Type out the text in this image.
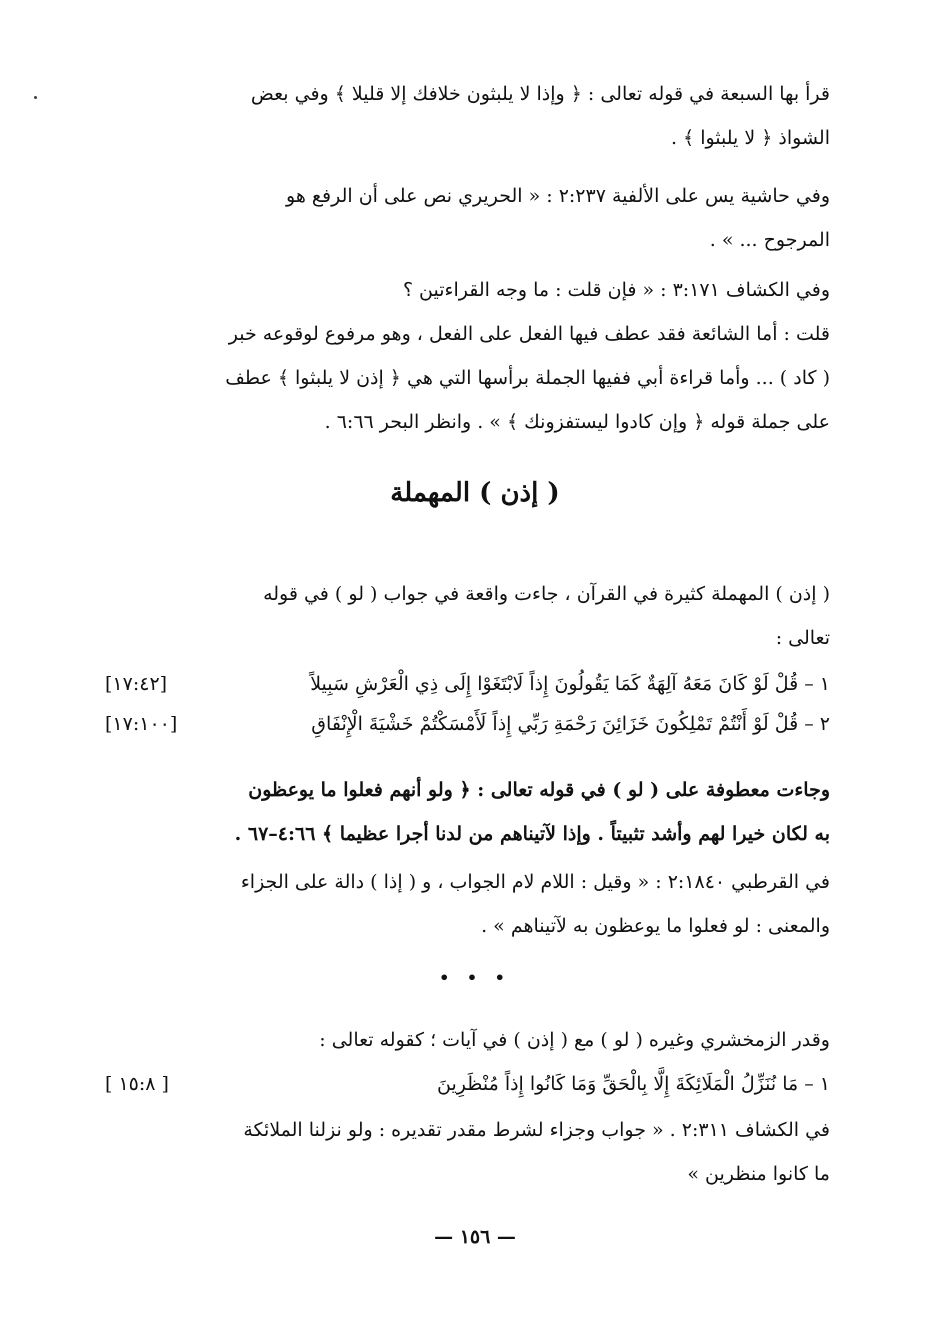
قرأ بها السبعة في قوله تعالى : ﴿ وإذا لا يلبثون خلافك إلا قليلا ﴾ وفي بعض
الشواذ ﴿ لا يلبثوا ﴾ .
وفي حاشية يس على الألفية ٢:٢٣٧ : « الحريري نص على أن الرفع هو
المرجوح ... » .
وفي الكشاف ٣:١٧١ : « فإن قلت : ما وجه القراءتين ؟
قلت : أما الشائعة فقد عطف فيها الفعل على الفعل ، وهو مرفوع لوقوعه خبر
( كاد ) ... وأما قراءة أبي ففيها الجملة برأسها التي هي ﴿ إذن لا يلبثوا ﴾ عطف
على جملة قوله ﴿ وإن كادوا ليستفزونك ﴾ » . وانظر البحر ٦:٦٦ .
( إذن ) المهملة
( إذن ) المهملة كثيرة في القرآن ، جاءت واقعة في جواب ( لو ) في قوله
تعالى :
١ – قُلْ لَوْ كَانَ مَعَهُ آلِهَةٌ كَمَا يَقُولُونَ إِذاً لَابْتَغَوْا إِلَى ذِي الْعَرْشِ سَبِيلاً
[١٧:٤٢]
٢ – قُلْ لَوْ أَنْتُمْ تَمْلِكُونَ خَزَائِنَ رَحْمَةِ رَبِّي إِذاً لَأَمْسَكْتُمْ خَشْيَةَ الْإِنْفَاقِ
[١٧:١٠٠]
وجاءت معطوفة على ( لو ) في قوله تعالى : ﴿ ولو أنهم فعلوا ما يوعظون
به لكان خيرا لهم وأشد تثبيتاً . وإذا لآتيناهم من لدنا أجرا عظيما ﴾ ٤:٦٦–٦٧ .
في القرطبي ٢:١٨٤٠ : « وقيل : اللام لام الجواب ، و ( إذا ) دالة على الجزاء
والمعنى : لو فعلوا ما يوعظون به لآتيناهم » .
• • •
وقدر الزمخشري وغيره ( لو ) مع ( إذن ) في آيات ؛ كقوله تعالى :
١ – مَا نُنَزِّلُ الْمَلَائِكَةَ إِلَّا بِالْحَقِّ وَمَا كَانُوا إِذاً مُنْظَرِينَ
[ ١٥:٨ ]
في الكشاف ٢:٣١١ . « جواب وجزاء لشرط مقدر تقديره : ولو نزلنا الملائكة
ما كانوا منظرين »
— ١٥٦ —
